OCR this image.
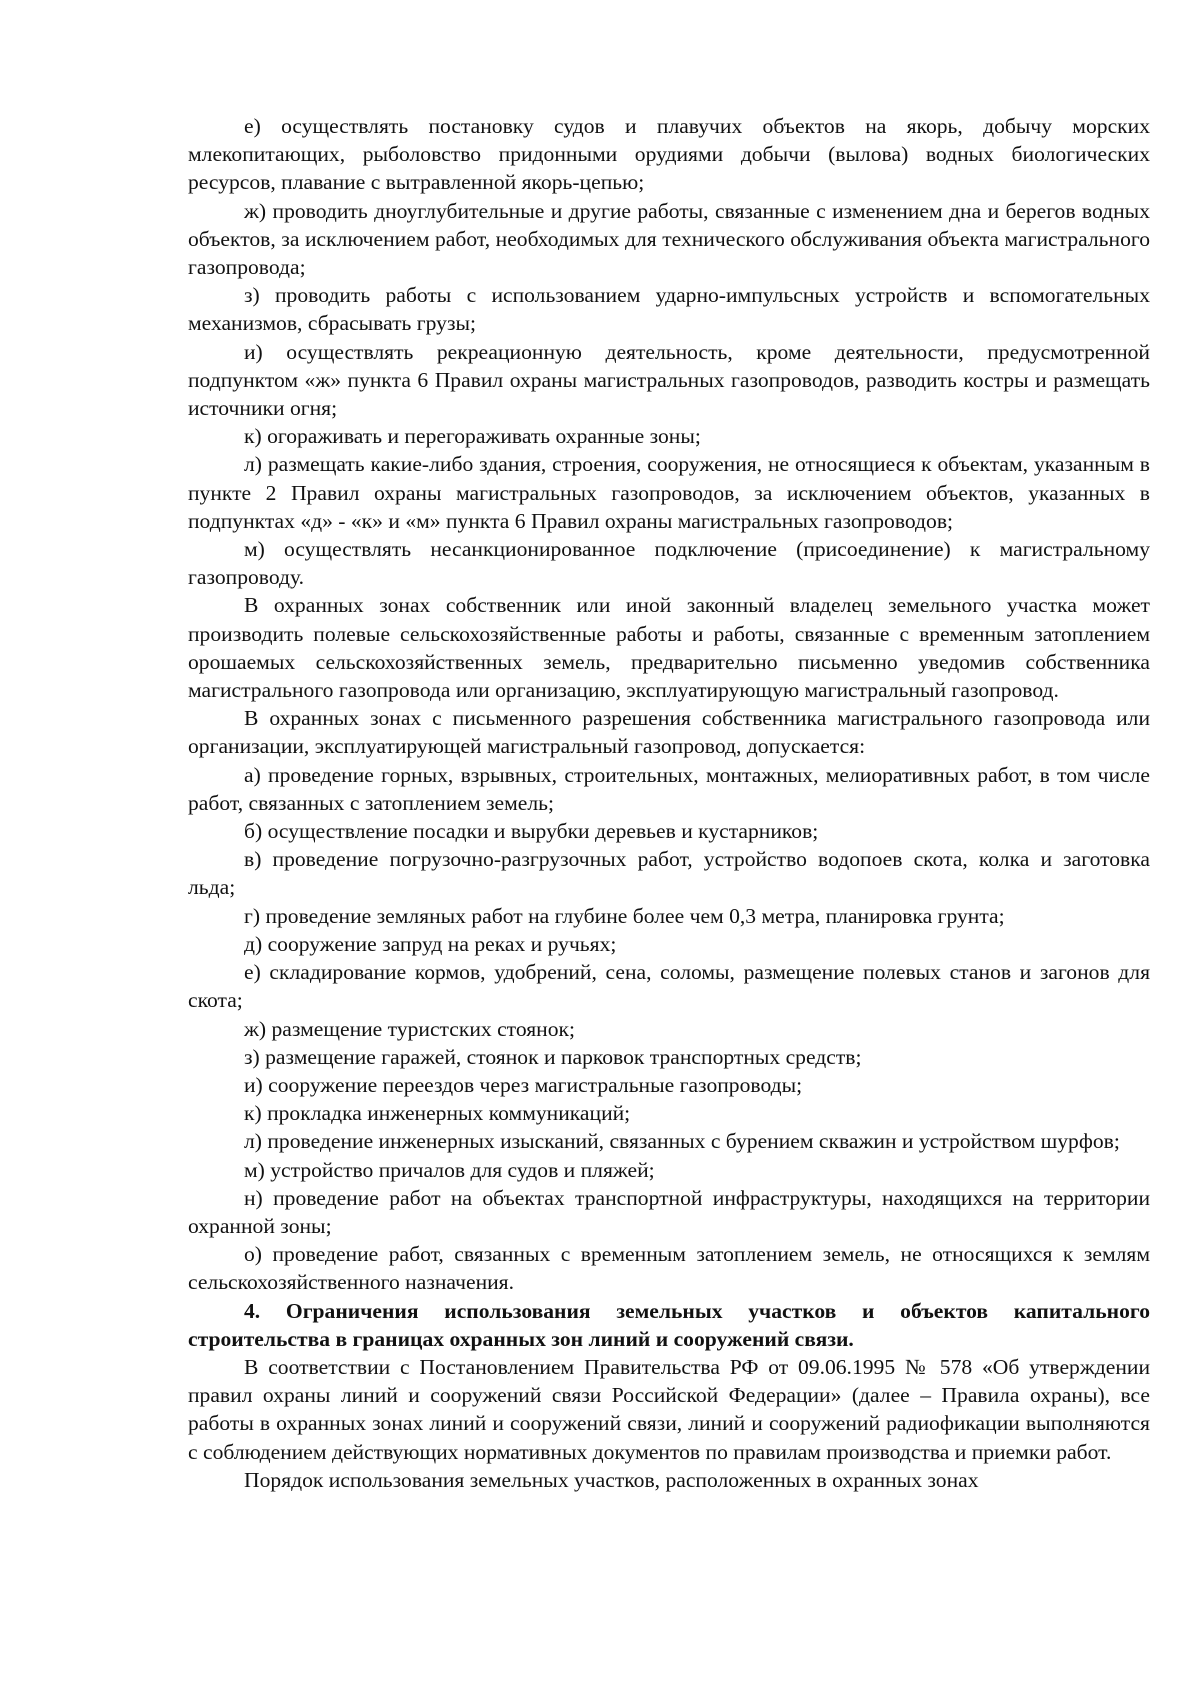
е) осуществлять постановку судов и плавучих объектов на якорь, добычу морских млекопитающих, рыболовство придонными орудиями добычи (вылова) водных биологических ресурсов, плавание с вытравленной якорь-цепью;

ж) проводить дноуглубительные и другие работы, связанные с изменением дна и берегов водных объектов, за исключением работ, необходимых для технического обслуживания объекта магистрального газопровода;

з) проводить работы с использованием ударно-импульсных устройств и вспомогательных механизмов, сбрасывать грузы;

и) осуществлять рекреационную деятельность, кроме деятельности, предусмотренной подпунктом «ж» пункта 6 Правил охраны магистральных газопроводов, разводить костры и размещать источники огня;

к) огораживать и перегораживать охранные зоны;

л) размещать какие-либо здания, строения, сооружения, не относящиеся к объектам, указанным в пункте 2 Правил охраны магистральных газопроводов, за исключением объектов, указанных в подпунктах «д» - «к» и «м» пункта 6 Правил охраны магистральных газопроводов;

м) осуществлять несанкционированное подключение (присоединение) к магистральному газопроводу.

В охранных зонах собственник или иной законный владелец земельного участка может производить полевые сельскохозяйственные работы и работы, связанные с временным затоплением орошаемых сельскохозяйственных земель, предварительно письменно уведомив собственника магистрального газопровода или организацию, эксплуатирующую магистральный газопровод.

В охранных зонах с письменного разрешения собственника магистрального газопровода или организации, эксплуатирующей магистральный газопровод, допускается:

а) проведение горных, взрывных, строительных, монтажных, мелиоративных работ, в том числе работ, связанных с затоплением земель;

б) осуществление посадки и вырубки деревьев и кустарников;

в) проведение погрузочно-разгрузочных работ, устройство водопоев скота, колка и заготовка льда;

г) проведение земляных работ на глубине более чем 0,3 метра, планировка грунта;

д) сооружение запруд на реках и ручьях;

е) складирование кормов, удобрений, сена, соломы, размещение полевых станов и загонов для скота;

ж) размещение туристских стоянок;

з) размещение гаражей, стоянок и парковок транспортных средств;

и) сооружение переездов через магистральные газопроводы;

к) прокладка инженерных коммуникаций;

л) проведение инженерных изысканий, связанных с бурением скважин и устройством шурфов;

м) устройство причалов для судов и пляжей;

н) проведение работ на объектах транспортной инфраструктуры, находящихся на территории охранной зоны;

о) проведение работ, связанных с временным затоплением земель, не относящихся к землям сельскохозяйственного назначения.

4. Ограничения использования земельных участков и объектов капитального строительства в границах охранных зон линий и сооружений связи.

В соответствии с Постановлением Правительства РФ от 09.06.1995 № 578 «Об утверждении правил охраны линий и сооружений связи Российской Федерации» (далее – Правила охраны), все работы в охранных зонах линий и сооружений связи, линий и сооружений радиофикации выполняются с соблюдением действующих нормативных документов по правилам производства и приемки работ.

Порядок использования земельных участков, расположенных в охранных зонах
